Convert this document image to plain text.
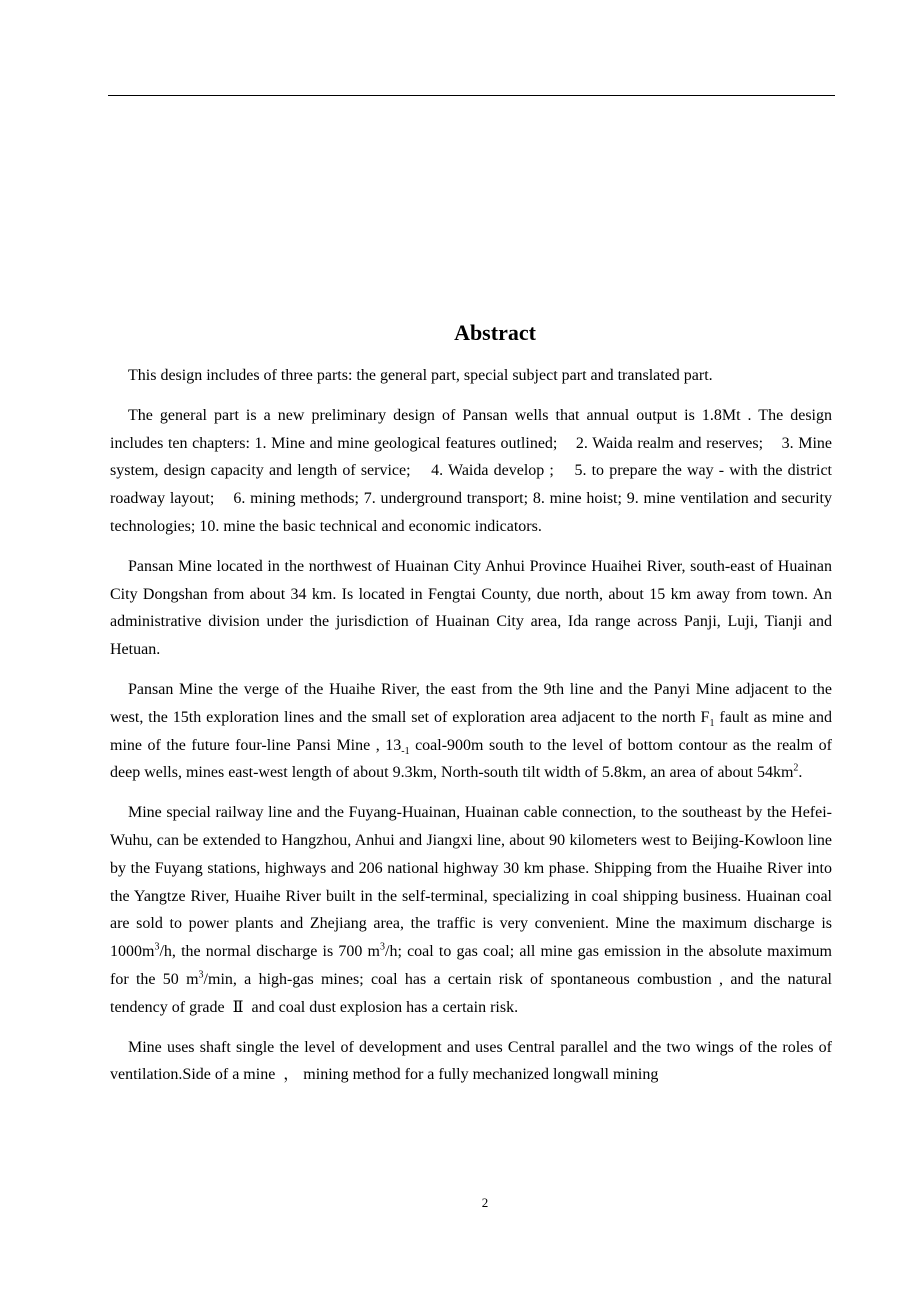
Abstract

This design includes of three parts: the general part, special subject part and translated part.

The general part is a new preliminary design of Pansan wells that annual output is 1.8Mt . The design includes ten chapters: 1. Mine and mine geological features outlined;    2. Waida realm and reserves;    3. Mine system, design capacity and length of service;    4. Waida develop ;    5. to prepare the way - with the district roadway layout;    6. mining methods; 7. underground transport; 8. mine hoist; 9. mine ventilation and security technologies; 10. mine the basic technical and economic indicators.

Pansan Mine located in the northwest of Huainan City Anhui Province Huaihei River, south-east of Huainan City Dongshan from about 34 km. Is located in Fengtai County, due north, about 15 km away from town. An administrative division under the jurisdiction of Huainan City area, Ida range across Panji, Luji, Tianji and Hetuan.

Pansan Mine the verge of the Huaihe River, the east from the 9th line and the Panyi Mine adjacent to the west, the 15th exploration lines and the small set of exploration area adjacent to the north $F_1$ fault as mine and mine of the future four-line Pansi Mine , $13_{-1}$ coal-900m south to the level of bottom contour as the realm of deep wells, mines east-west length of about 9.3km, North-south tilt width of 5.8km, an area of about $54km^2$.

Mine special railway line and the Fuyang-Huainan, Huainan cable connection, to the southeast by the Hefei-Wuhu, can be extended to Hangzhou, Anhui and Jiangxi line, about 90 kilometers west to Beijing-Kowloon line by the Fuyang stations, highways and 206 national highway 30 km phase. Shipping from the Huaihe River into the Yangtze River, Huaihe River built in the self-terminal, specializing in coal shipping business. Huainan coal are sold to power plants and Zhejiang area, the traffic is very convenient. Mine the maximum discharge is $1000m^3/h$, the normal discharge is 700 $m^3/h$; coal to gas coal; all mine gas emission in the absolute maximum for the 50 $m^3/\min$, a high-gas mines; coal has a certain risk of spontaneous combustion , and the natural tendency of grade  Ⅱ  and coal dust explosion has a certain risk.

Mine uses shaft single the level of development and uses Central parallel and the two wings of the roles of ventilation.Side of a mine  ， mining method for a fully mechanized longwall mining

2
